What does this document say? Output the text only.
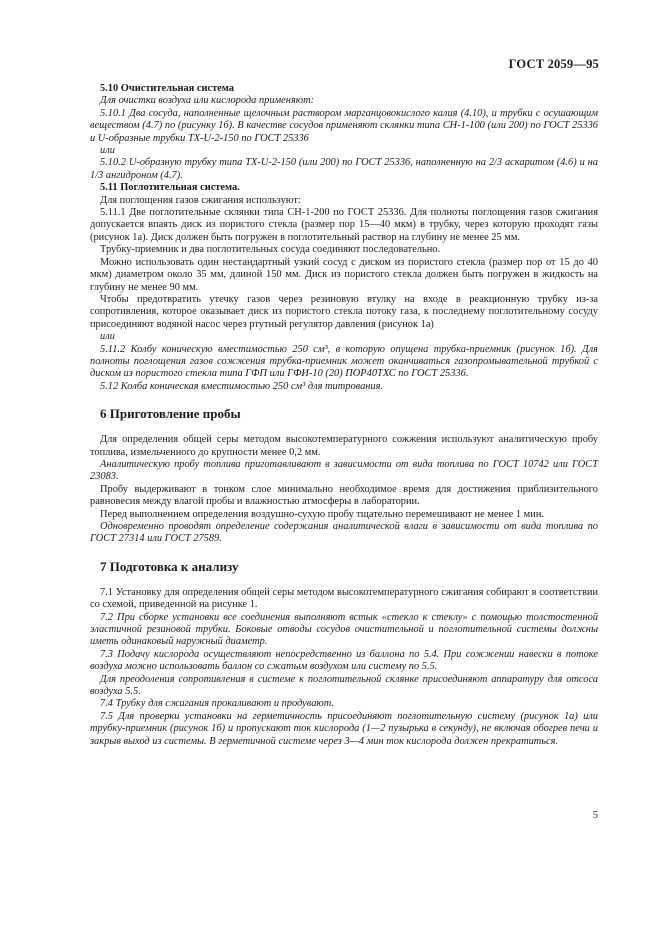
ГОСТ 2059—95

5.10 Очистительная система

Для очистки воздуха или кислорода применяют:

5.10.1 Два сосуда, наполненные щелочным раствором марганцовокислого калия (4.10), и трубки с осушающим веществом (4.7) по (рисунку 1б). В качестве сосудов применяют склянки типа СН-1-100 (или 200) по ГОСТ 25336 и U-образные трубки ТХ-U-2-150 по ГОСТ 25336

или

5.10.2 U-образную трубку типа ТХ-U-2-150 (или 200) по ГОСТ 25336, наполненную на 2/3 аскаритом (4.6) и на 1/3 ангидроном (4.7).

5.11 Поглотительная система.

Для поглощения газов сжигания используют:

5.11.1 Две поглотительные склянки типа СН-1-200 по ГОСТ 25336. Для полноты поглощения газов сжигания допускается впаять диск из пористого стекла (размер пор 15—40 мкм) в трубку, через которую проходят газы (рисунок 1а). Диск должен быть погружен в поглотительный раствор на глубину не менее 25 мм.

Трубку-приемник и два поглотительных сосуда соединяют последовательно.

Можно использовать один нестандартный узкий сосуд с диском из пористого стекла (размер пор от 15 до 40 мкм) диаметром около 35 мм, длиной 150 мм. Диск из пористого стекла должен быть погружен в жидкость на глубину не менее 90 мм.

Чтобы предотвратить утечку газов через резиновую втулку на входе в реакционную трубку из-за сопротивления, которое оказывает диск из пористого стекла потоку газа, к последнему поглотительному сосуду присоединяют водяной насос через ртутный регулятор давления (рисунок 1а)

или

5.11.2 Колбу коническую вместимостью 250 см³, в которую опущена трубка-приемник (рисунок 1б). Для полноты поглощения газов сожжения трубка-приемник может оканчиваться газопромывательной трубкой с диском из пористого стекла типа ГФП или ГФИ-10 (20) ПОР40ТХС по ГОСТ 25336.

5.12 Колба коническая вместимостью 250 см³ для титрования.

6 Приготовление пробы

Для определения общей серы методом высокотемпературного сожжения используют аналитическую пробу топлива, измельченного до крупности менее 0,2 мм.

Аналитическую пробу топлива приготавливают в зависимости от вида топлива по ГОСТ 10742 или ГОСТ 23083.

Пробу выдерживают в тонком слое минимально необходимое время для достижения приблизительного равновесия между влагой пробы и влажностью атмосферы в лаборатории.

Перед выполнением определения воздушно-сухую пробу тщательно перемешивают не менее 1 мин.

Одновременно проводят определение содержания аналитической влаги в зависимости от вида топлива по ГОСТ 27314 или ГОСТ 27589.

7 Подготовка к анализу

7.1 Установку для определения общей серы методом высокотемпературного сжигания собирают в соответствии со схемой, приведенной на рисунке 1.

7.2 При сборке установки все соединения выполняют встык «стекло к стеклу» с помощью толстостенной эластичной резиновой трубки. Боковые отводы сосудов очистительной и поглотительной системы должны иметь одинаковый наружный диаметр.

7.3 Подачу кислорода осуществляют непосредственно из баллона по 5.4. При сожжении навески в потоке воздуха можно использовать баллон со сжатым воздухом или систему по 5.5.

Для преодоления сопротивления в системе к поглотительной склянке присоединяют аппаратуру для отсоса воздуха 5.5.

7.4 Трубку для сжигания прокаливают и продувают.

7.5 Для проверки установки на герметичность присоединяют поглотительную систему (рисунок 1а) или трубку-приемник (рисунок 1б) и пропускают ток кислорода (1—2 пузырька в секунду), не включая обогрев печи и закрыв выход из системы. В герметичной системе через 3—4 мин ток кислорода должен прекратиться.

5
